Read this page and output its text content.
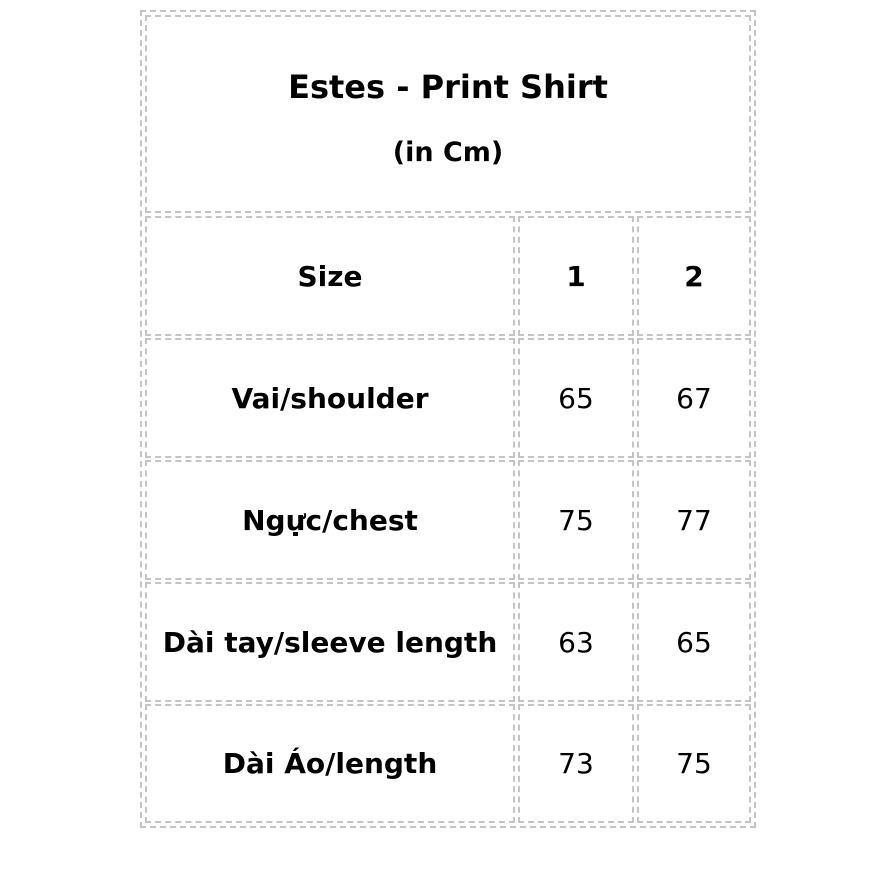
Estes - Print Shirt
(in Cm)
Size	1	2
Vai/shoulder	65	67
Ngực/chest	75	77
Dài tay/sleeve length 63	65
Dài Áo/length	73	75
